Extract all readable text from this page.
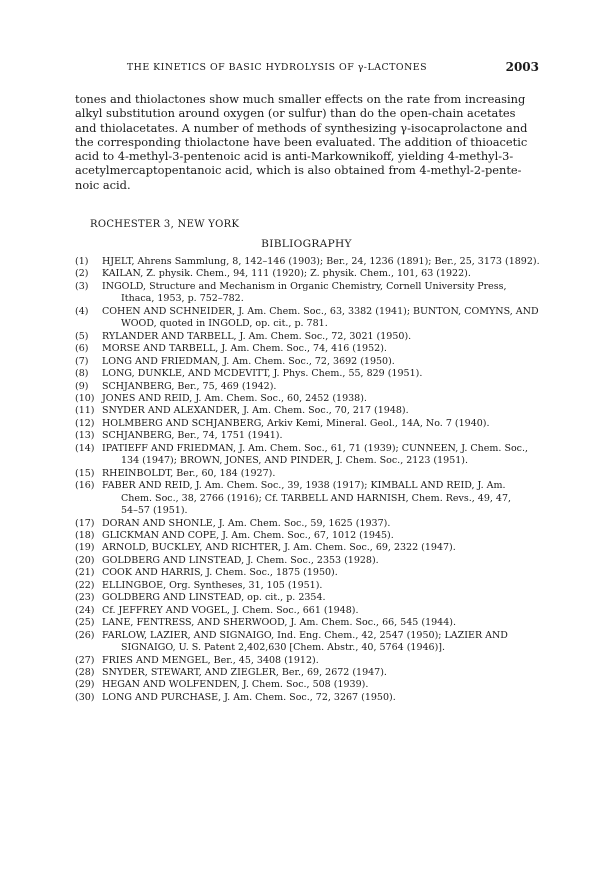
THE KINETICS OF BASIC HYDROLYSIS OF γ-LACTONES	2003
tones and thiolactones show much smaller effects on the rate from increasing
alkyl substitution around oxygen (or sulfur) than do the open-chain acetates
and thiolacetates. A number of methods of synthesizing γ-isocaprolactone and
the corresponding thiolactone have been evaluated. The addition of thioacetic
acid to 4-methyl-3-pentenoic acid is anti-Markownikoff, yielding 4-methyl-3-
acetylmercaptopentanoic acid, which is also obtained from 4-methyl-2-pente-
noic acid.
ROCHESTER 3, NEW YORK
BIBLIOGRAPHY
(1)	HJELT, Ahrens Sammlung, 8, 142–146 (1903); Ber., 24, 1236 (1891); Ber., 25, 3173 (1892).
(2)	KAILAN, Z. physik. Chem., 94, 111 (1920); Z. physik. Chem., 101, 63 (1922).
(3)	INGOLD, Structure and Mechanism in Organic Chemistry, Cornell University Press,
Ithaca, 1953, p. 752–782.
(4)	COHEN AND SCHNEIDER, J. Am. Chem. Soc., 63, 3382 (1941); BUNTON, COMYNS, AND
WOOD, quoted in INGOLD, op. cit., p. 781.
(5)	RYLANDER AND TARBELL, J. Am. Chem. Soc., 72, 3021 (1950).
(6)	MORSE AND TARBELL, J. Am. Chem. Soc., 74, 416 (1952).
(7)	LONG AND FRIEDMAN, J. Am. Chem. Soc., 72, 3692 (1950).
(8)	LONG, DUNKLE, AND MCDEVITT, J. Phys. Chem., 55, 829 (1951).
(9)	SCHJANBERG, Ber., 75, 469 (1942).
(10) JONES AND REID, J. Am. Chem. Soc., 60, 2452 (1938).
(11) SNYDER AND ALEXANDER, J. Am. Chem. Soc., 70, 217 (1948).
(12) HOLMBERG AND SCHJANBERG, Arkiv Kemi, Mineral. Geol., 14A, No. 7 (1940).
(13) SCHJANBERG, Ber., 74, 1751 (1941).
(14) IPATIEFF AND FRIEDMAN, J. Am. Chem. Soc., 61, 71 (1939); CUNNEEN, J. Chem. Soc.,
134 (1947); BROWN, JONES, AND PINDER, J. Chem. Soc., 2123 (1951).
(15) RHEINBOLDT, Ber., 60, 184 (1927).
(16) FABER AND REID, J. Am. Chem. Soc., 39, 1938 (1917); KIMBALL AND REID, J. Am.
Chem. Soc., 38, 2766 (1916); Cf. TARBELL AND HARNISH, Chem. Revs., 49, 47,
54–57 (1951).
(17) DORAN AND SHONLE, J. Am. Chem. Soc., 59, 1625 (1937).
(18) GLICKMAN AND COPE, J. Am. Chem. Soc., 67, 1012 (1945).
(19) ARNOLD, BUCKLEY, AND RICHTER, J. Am. Chem. Soc., 69, 2322 (1947).
(20) GOLDBERG AND LINSTEAD, J. Chem. Soc., 2353 (1928).
(21) COOK AND HARRIS, J. Chem. Soc., 1875 (1950).
(22) ELLINGBOE, Org. Syntheses, 31, 105 (1951).
(23) GOLDBERG AND LINSTEAD, op. cit., p. 2354.
(24) Cf. JEFFREY AND VOGEL, J. Chem. Soc., 661 (1948).
(25) LANE, FENTRESS, AND SHERWOOD, J. Am. Chem. Soc., 66, 545 (1944).
(26) FARLOW, LAZIER, AND SIGNAIGO, Ind. Eng. Chem., 42, 2547 (1950); LAZIER AND
SIGNAIGO, U. S. Patent 2,402,630 [Chem. Abstr., 40, 5764 (1946)].
(27) FRIES AND MENGEL, Ber., 45, 3408 (1912).
(28) SNYDER, STEWART, AND ZIEGLER, Ber., 69, 2672 (1947).
(29) HEGAN AND WOLFENDEN, J. Chem. Soc., 508 (1939).
(30) LONG AND PURCHASE, J. Am. Chem. Soc., 72, 3267 (1950).
